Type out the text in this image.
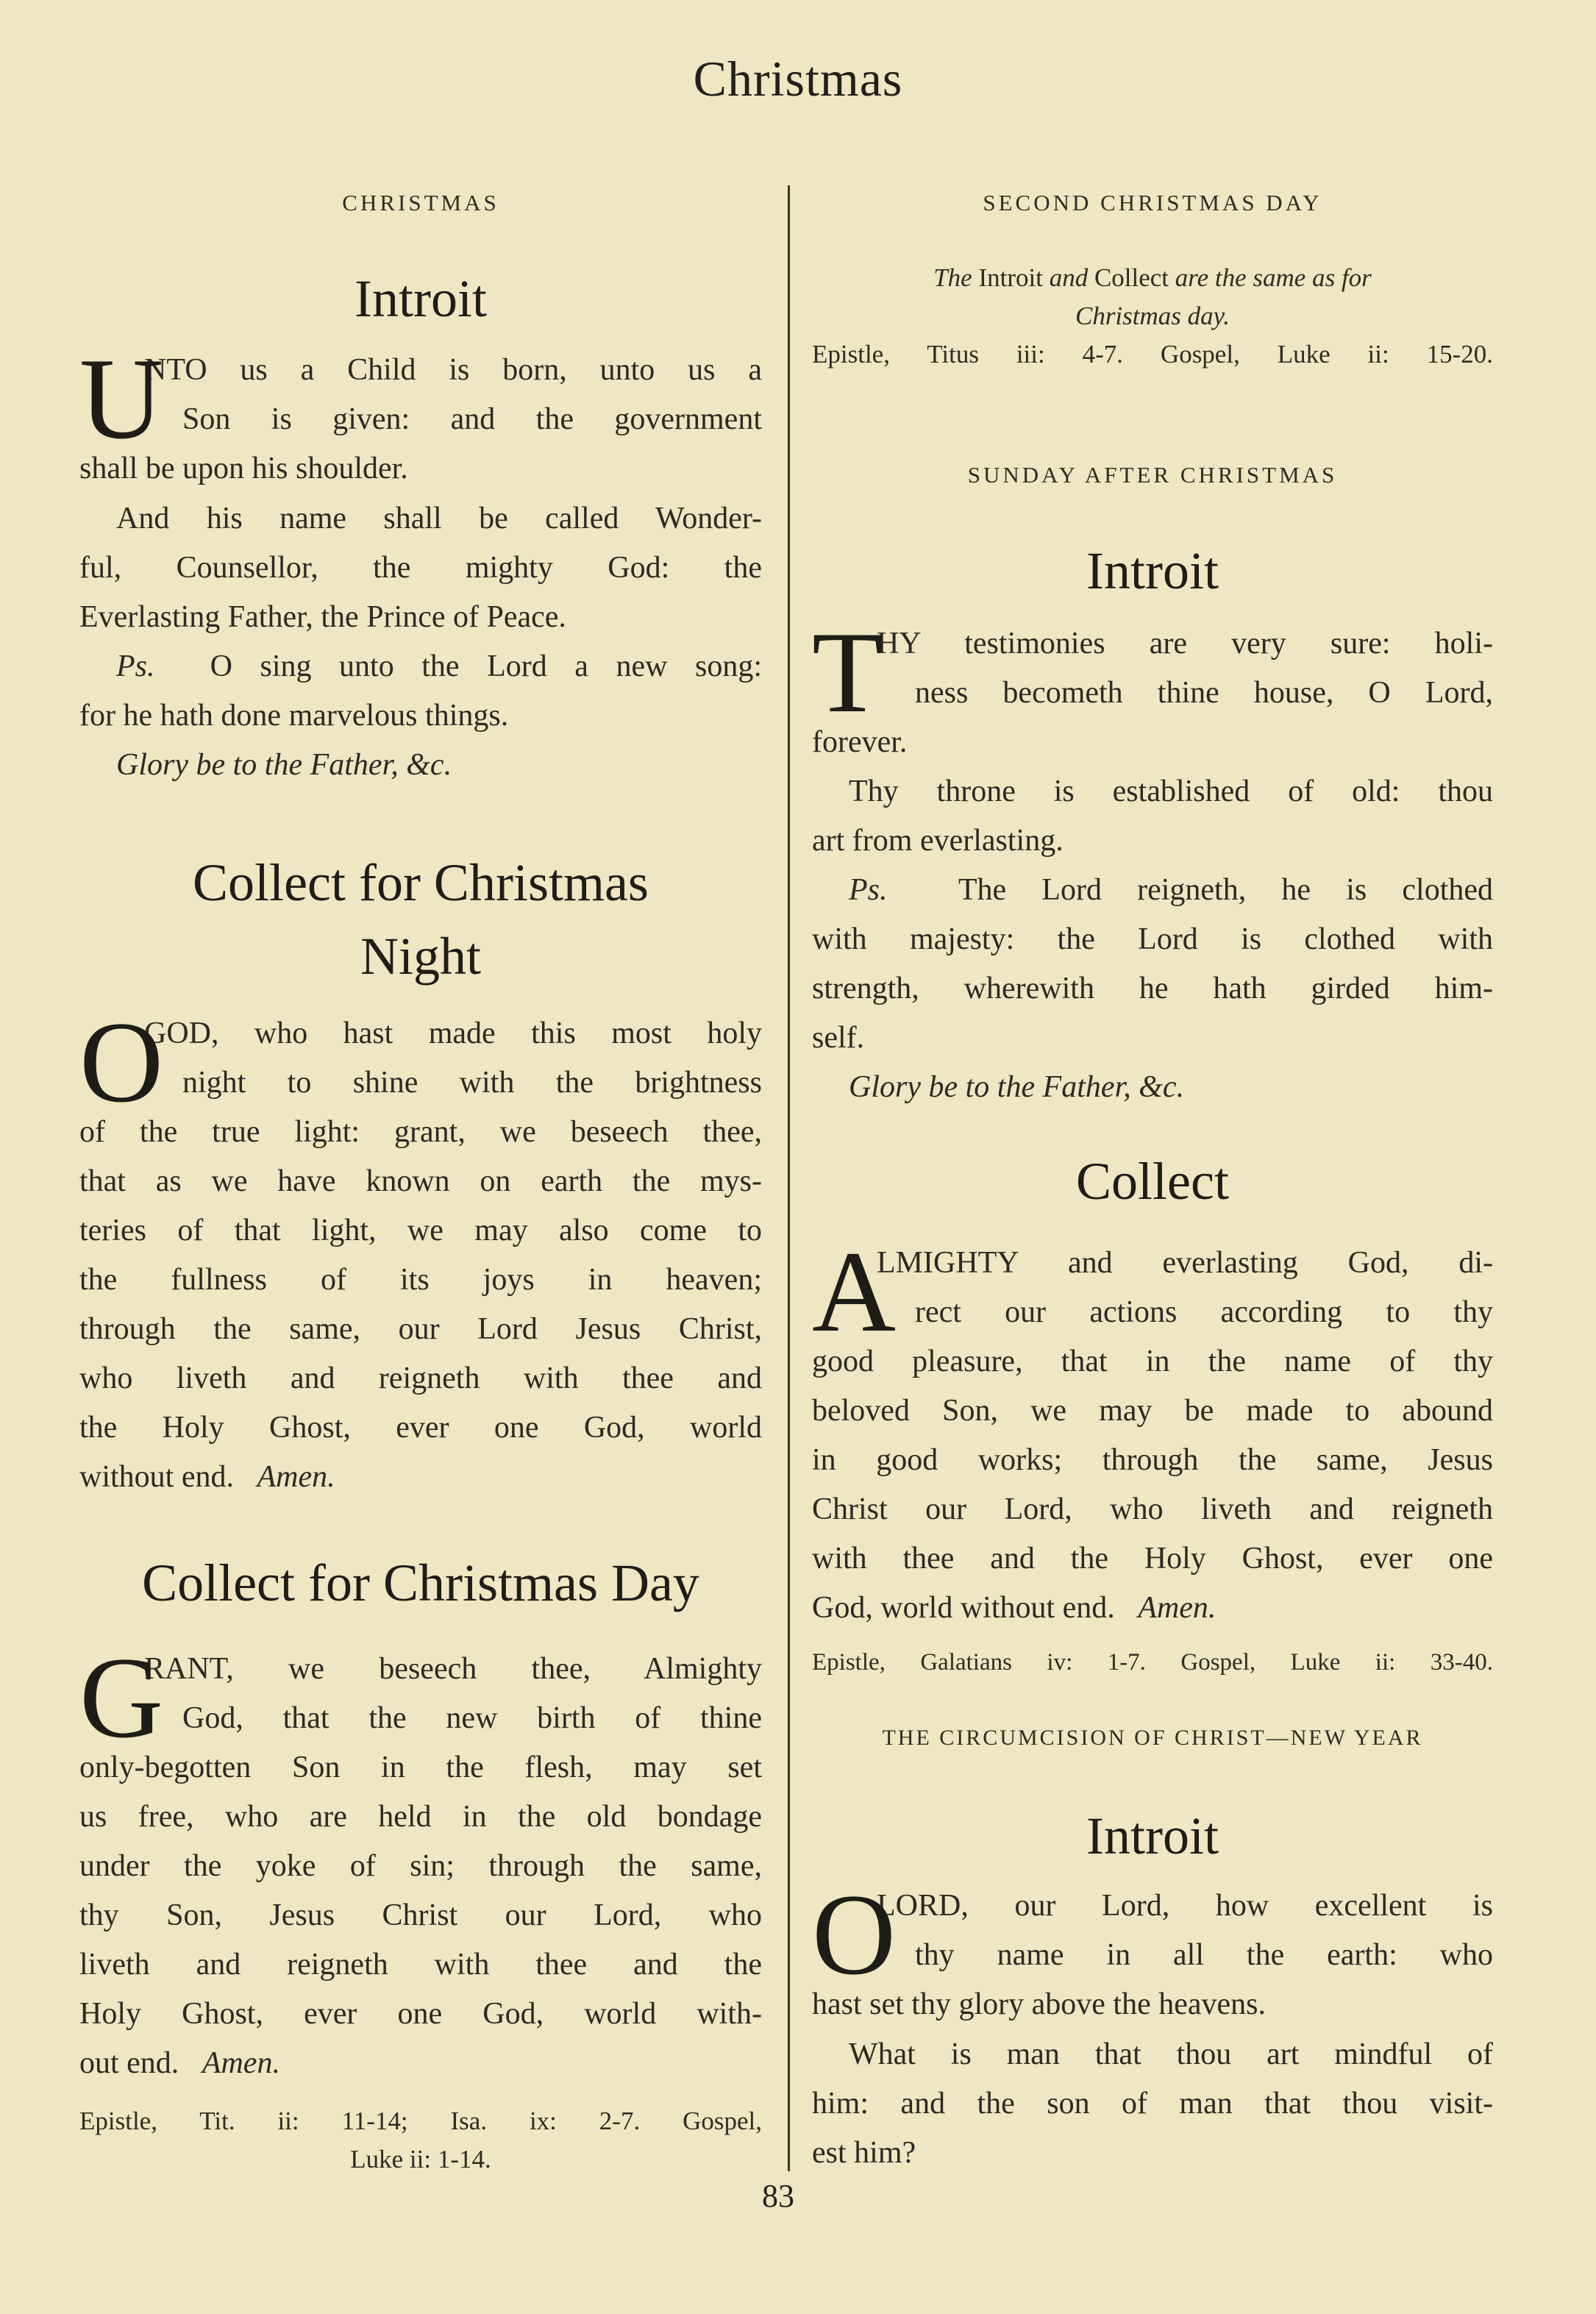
Christmas
CHRISTMAS
Introit
U
NTO us a Child is born, unto us a
Son is given: and the government
shall be upon his shoulder.
And his name shall be called Wonder-
ful, Counsellor, the mighty God: the
Everlasting Father, the Prince of Peace.
Ps. O sing unto the Lord a new song:
for he hath done marvelous things.
Glory be to the Father, &c.
Collect for Christmas
Night
O
GOD, who hast made this most holy
night to shine with the brightness
of the true light: grant, we beseech thee,
that as we have known on earth the mys-
teries of that light, we may also come to
the fullness of its joys in heaven;
through the same, our Lord Jesus Christ,
who liveth and reigneth with thee and
the Holy Ghost, ever one God, world
without end. Amen.
Collect for Christmas Day
G
RANT, we beseech thee, Almighty
God, that the new birth of thine
only-begotten Son in the flesh, may set
us free, who are held in the old bondage
under the yoke of sin; through the same,
thy Son, Jesus Christ our Lord, who
liveth and reigneth with thee and the
Holy Ghost, ever one God, world with-
out end. Amen.
Epistle, Tit. ii: 11-14; Isa. ix: 2-7. Gospel,
Luke ii: 1-14.
SECOND CHRISTMAS DAY
The Introit and Collect are the same as for
Christmas day.
Epistle, Titus iii: 4-7. Gospel, Luke ii: 15-20.
SUNDAY AFTER CHRISTMAS
Introit
T
HY testimonies are very sure: holi-
ness becometh thine house, O Lord,
forever.
Thy throne is established of old: thou
art from everlasting.
Ps. The Lord reigneth, he is clothed
with majesty: the Lord is clothed with
strength, wherewith he hath girded him-
self.
Glory be to the Father, &c.
Collect
A
LMIGHTY and everlasting God, di-
rect our actions according to thy
good pleasure, that in the name of thy
beloved Son, we may be made to abound
in good works; through the same, Jesus
Christ our Lord, who liveth and reigneth
with thee and the Holy Ghost, ever one
God, world without end. Amen.
Epistle, Galatians iv: 1-7. Gospel, Luke ii: 33-40.
THE CIRCUMCISION OF CHRIST—NEW YEAR
Introit
O
LORD, our Lord, how excellent is
thy name in all the earth: who
hast set thy glory above the heavens.
What is man that thou art mindful of
him: and the son of man that thou visit-
est him?
83
